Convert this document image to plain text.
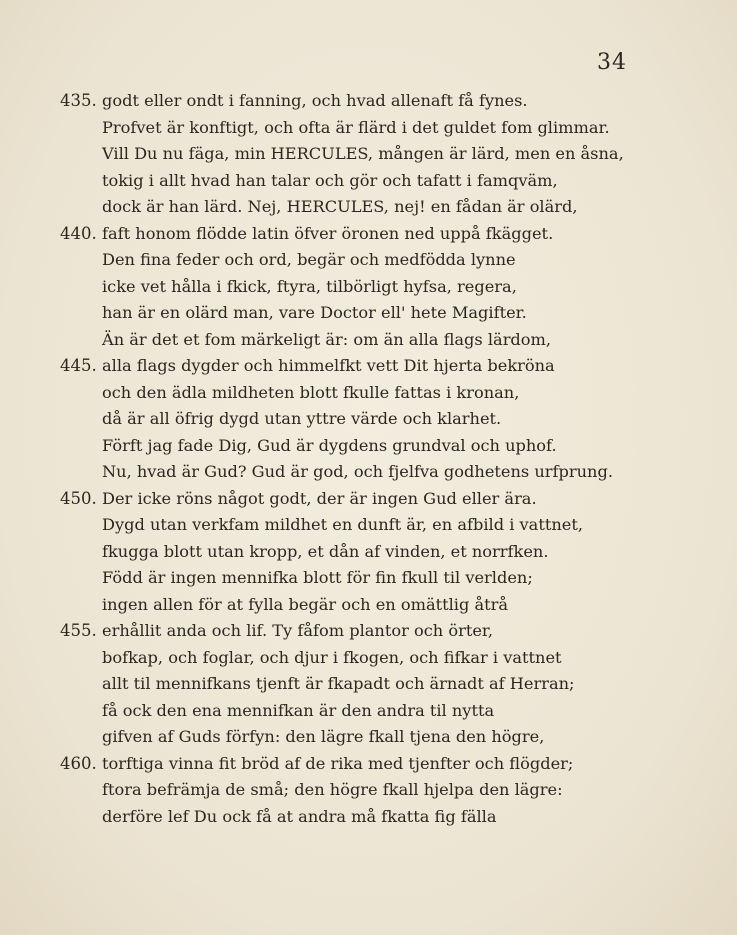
34
435. godt eller ondt i fanning, och hvad allenaft få fynes.
Profvet är konftigt, och ofta är flärd i det guldet fom glimmar.
Vill Du nu fäga, min HERCULES, mången är lärd, men en åsna,
tokig i allt hvad han talar och gör och tafatt i famqväm,
dock är han lärd. Nej, HERCULES, nej! en fådan är olärd,
440. faft honom flödde latin öfver öronen ned uppå fkägget.
Den fina feder och ord, begär och medfödda lynne
icke vet hålla i fkick, ftyra, tilbörligt hyfsa, regera,
han är en olärd man, vare Doctor ell' hete Magifter.
Än är det et fom märkeligt är: om än alla flags lärdom,
445. alla flags dygder och himmelfkt vett Dit hjerta bekröna
och den ädla mildheten blott fkulle fattas i kronan,
då är all öfrig dygd utan yttre värde och klarhet.
Förft jag fade Dig, Gud är dygdens grundval och uphof.
Nu, hvad är Gud? Gud är god, och fjelfva godhetens urfprung.
450. Der icke röns något godt, der är ingen Gud eller ära.
Dygd utan verkfam mildhet en dunft är, en afbild i vattnet,
fkugga blott utan kropp, et dån af vinden, et norrfken.
Född är ingen mennifka blott för fin fkull til verlden;
ingen allen för at fylla begär och en omättlig åtrå
455. erhållit anda och lif. Ty fåfom plantor och örter,
bofkap, och foglar, och djur i fkogen, och fifkar i vattnet
allt til mennifkans tjenft är fkapadt och ärnadt af Herran;
få ock den ena mennifkan är den andra til nytta
gifven af Guds förfyn: den lägre fkall tjena den högre,
460. torftiga vinna fit bröd af de rika med tjenfter och flögder;
ftora befrämja de små; den högre fkall hjelpa den lägre:
derföre lef Du ock få at andra må fkatta fig fälla
